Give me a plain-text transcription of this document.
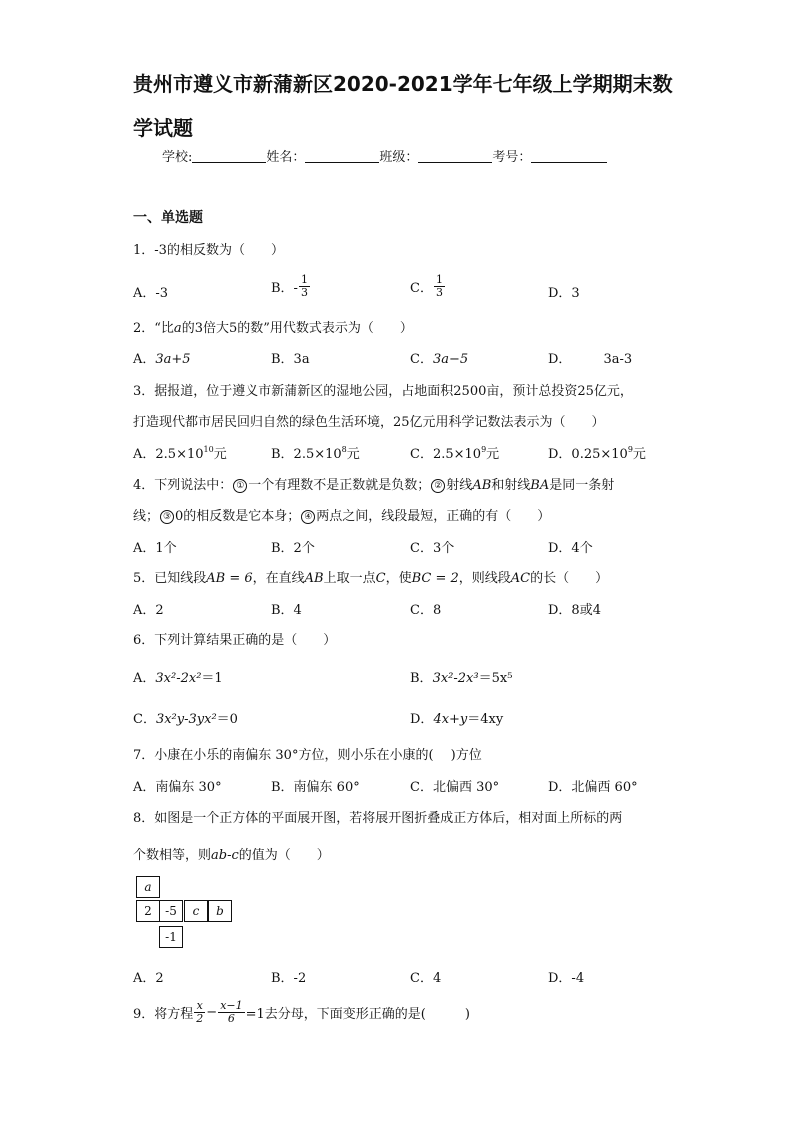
贵州市遵义市新蒲新区2020-2021学年七年级上学期期末数
学试题
学校:	姓名：	班级：	考号：
一、单选题
1．-3的相反数为（　　）
A．-3	B．- $\frac{1}{3}$	C． $\frac{1}{3}$	D．3
2．“比a的3倍大5的数”用代数式表示为（　　）
A．3a+5	B．3a	C．3a−5	D． 3a-3
3．据报道，位于遵义市新蒲新区的湿地公园，占地面积2500亩，预计总投资25亿元，
打造现代都市居民回归自然的绿色生活环境，25亿元用科学记数法表示为（　　）
A．$2.5\times 10^{10}$元	B．$2.5\times 10^8$元	C．$2.5\times 10^9$元	D．$0.25\times 10^9$元
4．下列说法中： ① 一个有理数不是正数就是负数； ② 射线AB和射线BA是同一条射
线； ③ 0的相反数是它本身； ④ 两点之间，线段最短，正确的有（　　）
A．1个	B．2个	C．3个	D．4个
5．已知线段AB = 6，在直线AB上取一点C，使BC = 2，则线段AC的长（　　）
A．2	B．4	C．8	D．8或4
6．下列计算结果正确的是（　　）
A．3x²-2x²＝1	B．3x²-2x³＝5x⁵
C．3x²y-3yx²＝0	D．4x+y＝4xy
7．小康在小乐的南偏东 30°方位，则小乐在小康的(　 )方位
A．南偏东 30°	B．南偏东 60°	C．北偏西 30°	D．北偏西 60°
8．如图是一个正方体的平面展开图，若将展开图折叠成正方体后，相对面上所标的两
个数相等，则ab-c的值为（　　）
a
2	-5	c	b
-1
A．2	B．-2	C．4	D．-4
9．将方程 $\frac{x}{2} - \frac{x-1}{6} =1$去分母，下面变形正确的是(　　　)
